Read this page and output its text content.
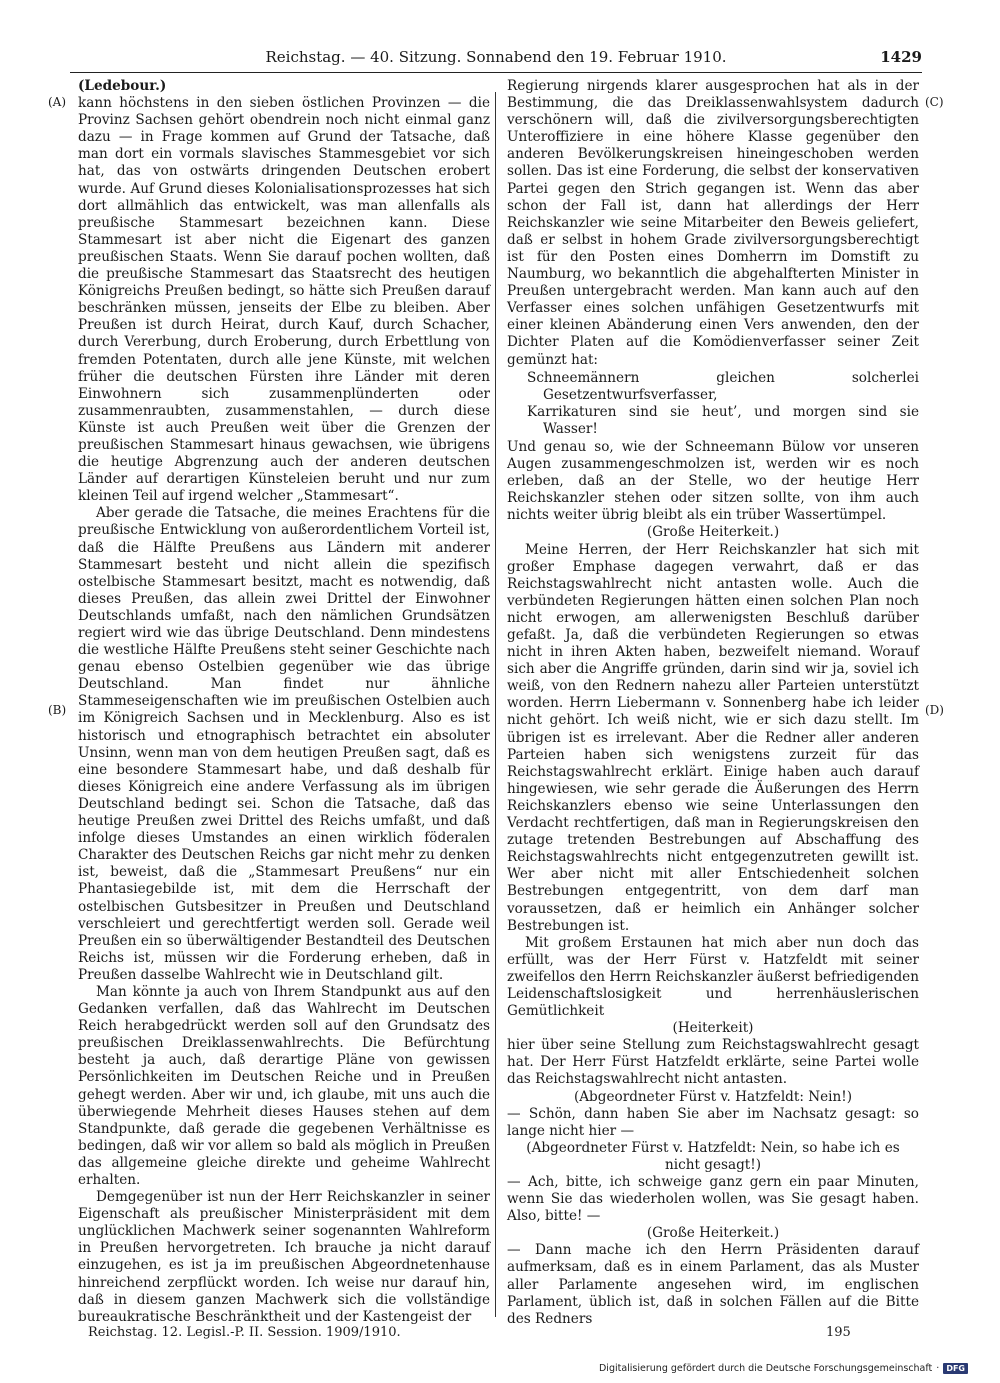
Reichstag. — 40. Sitzung. Sonnabend den 19. Februar 1910.	1429
(A)
(B)
(C)
(D)

(Ledebour.)

kann höchstens in den sieben östlichen Provinzen — die Provinz Sachsen gehört obendrein noch nicht einmal ganz dazu — in Frage kommen auf Grund der Tatsache, daß man dort ein vormals slavisches Stammesgebiet vor sich hat, das von ostwärts dringenden Deutschen erobert wurde. Auf Grund dieses Kolonialisationsprozesses hat sich dort allmählich das entwickelt, was man allenfalls als preußische Stammesart bezeichnen kann. Diese Stammesart ist aber nicht die Eigenart des ganzen preußischen Staats. Wenn Sie darauf pochen wollten, daß die preußische Stammesart das Staatsrecht des heutigen Königreichs Preußen bedingt, so hätte sich Preußen darauf beschränken müssen, jenseits der Elbe zu bleiben. Aber Preußen ist durch Heirat, durch Kauf, durch Schacher, durch Vererbung, durch Eroberung, durch Erbettlung von fremden Potentaten, durch alle jene Künste, mit welchen früher die deutschen Fürsten ihre Länder mit deren Einwohnern sich zusammenplünderten oder zusammenraubten, zusammenstahlen, — durch diese Künste ist auch Preußen weit über die Grenzen der preußischen Stammesart hinaus gewachsen, wie übrigens die heutige Abgrenzung auch der anderen deutschen Länder auf derartigen Künsteleien beruht und nur zum kleinen Teil auf irgend welcher „Stammesart“.

Aber gerade die Tatsache, die meines Erachtens für die preußische Entwicklung von außerordentlichem Vorteil ist, daß die Hälfte Preußens aus Ländern mit anderer Stammesart besteht und nicht allein die spezifisch ostelbische Stammesart besitzt, macht es notwendig, daß dieses Preußen, das allein zwei Drittel der Einwohner Deutschlands umfaßt, nach den nämlichen Grundsätzen regiert wird wie das übrige Deutschland. Denn mindestens die westliche Hälfte Preußens steht seiner Geschichte nach genau ebenso Ostelbien gegenüber wie das übrige Deutschland. Man findet nur ähnliche Stammeseigenschaften wie im preußischen Ostelbien auch im Königreich Sachsen und in Mecklenburg. Also es ist historisch und etnographisch betrachtet ein absoluter Unsinn, wenn man von dem heutigen Preußen sagt, daß es eine besondere Stammesart habe, und daß deshalb für dieses Königreich eine andere Verfassung als im übrigen Deutschland bedingt sei. Schon die Tatsache, daß das heutige Preußen zwei Drittel des Reichs umfaßt, und daß infolge dieses Umstandes an einen wirklich föderalen Charakter des Deutschen Reichs gar nicht mehr zu denken ist, beweist, daß die „Stammesart Preußens“ nur ein Phantasiegebilde ist, mit dem die Herrschaft der ostelbischen Gutsbesitzer in Preußen und Deutschland verschleiert und gerechtfertigt werden soll. Gerade weil Preußen ein so überwältigender Bestandteil des Deutschen Reichs ist, müssen wir die Forderung erheben, daß in Preußen dasselbe Wahlrecht wie in Deutschland gilt.

Man könnte ja auch von Ihrem Standpunkt aus auf den Gedanken verfallen, daß das Wahlrecht im Deutschen Reich herabgedrückt werden soll auf den Grundsatz des preußischen Dreiklassenwahlrechts. Die Befürchtung besteht ja auch, daß derartige Pläne von gewissen Persönlichkeiten im Deutschen Reiche und in Preußen gehegt werden. Aber wir und, ich glaube, mit uns auch die überwiegende Mehrheit dieses Hauses stehen auf dem Standpunkte, daß gerade die gegebenen Verhältnisse es bedingen, daß wir vor allem so bald als möglich in Preußen das allgemeine gleiche direkte und geheime Wahlrecht erhalten.

Demgegenüber ist nun der Herr Reichskanzler in seiner Eigenschaft als preußischer Ministerpräsident mit dem unglücklichen Machwerk seiner sogenannten Wahlreform in Preußen hervorgetreten. Ich brauche ja nicht darauf einzugehen, es ist ja im preußischen Abgeordnetenhause hinreichend zerpflückt worden. Ich weise nur darauf hin, daß in diesem ganzen Machwerk sich die vollständige bureaukratische Beschränktheit und der Kastengeist der

Regierung nirgends klarer ausgesprochen hat als in der Bestimmung, die das Dreiklassenwahlsystem dadurch verschönern will, daß die zivilversorgungsberechtigten Unteroffiziere in eine höhere Klasse gegenüber den anderen Bevölkerungskreisen hineingeschoben werden sollen. Das ist eine Forderung, die selbst der konservativen Partei gegen den Strich gegangen ist. Wenn das aber schon der Fall ist, dann hat allerdings der Herr Reichskanzler wie seine Mitarbeiter den Beweis geliefert, daß er selbst in hohem Grade zivilversorgungsberechtigt ist für den Posten eines Domherrn im Domstift zu Naumburg, wo bekanntlich die abgehalfterten Minister in Preußen untergebracht werden. Man kann auch auf den Verfasser eines solchen unfähigen Gesetzentwurfs mit einer kleinen Abänderung einen Vers anwenden, den der Dichter Platen auf die Komödienverfasser seiner Zeit gemünzt hat:

Schneemännern gleichen solcherlei Gesetzentwurfsverfasser,
Karrikaturen sind sie heut’, und morgen sind sie Wasser!

Und genau so, wie der Schneemann Bülow vor unseren Augen zusammengeschmolzen ist, werden wir es noch erleben, daß an der Stelle, wo der heutige Herr Reichskanzler stehen oder sitzen sollte, von ihm auch nichts weiter übrig bleibt als ein trüber Wassertümpel.

(Große Heiterkeit.)

Meine Herren, der Herr Reichskanzler hat sich mit großer Emphase dagegen verwahrt, daß er das Reichstagswahlrecht nicht antasten wolle. Auch die verbündeten Regierungen hätten einen solchen Plan noch nicht erwogen, am allerwenigsten Beschluß darüber gefaßt. Ja, daß die verbündeten Regierungen so etwas nicht in ihren Akten haben, bezweifelt niemand. Worauf sich aber die Angriffe gründen, darin sind wir ja, soviel ich weiß, von den Rednern nahezu aller Parteien unterstützt worden. Herrn Liebermann v. Sonnenberg habe ich leider nicht gehört. Ich weiß nicht, wie er sich dazu stellt. Im übrigen ist es irrelevant. Aber die Redner aller anderen Parteien haben sich wenigstens zurzeit für das Reichstagswahlrecht erklärt. Einige haben auch darauf hingewiesen, wie sehr gerade die Äußerungen des Herrn Reichskanzlers ebenso wie seine Unterlassungen den Verdacht rechtfertigen, daß man in Regierungskreisen den zutage tretenden Bestrebungen auf Abschaffung des Reichstagswahlrechts nicht entgegenzutreten gewillt ist. Wer aber nicht mit aller Entschiedenheit solchen Bestrebungen entgegentritt, von dem darf man voraussetzen, daß er heimlich ein Anhänger solcher Bestrebungen ist.

Mit großem Erstaunen hat mich aber nun doch das erfüllt, was der Herr Fürst v. Hatzfeldt mit seiner zweifellos den Herrn Reichskanzler äußerst befriedigenden Leidenschaftslosigkeit und herrenhäuslerischen Gemütlichkeit

(Heiterkeit)

hier über seine Stellung zum Reichstagswahlrecht gesagt hat. Der Herr Fürst Hatzfeldt erklärte, seine Partei wolle das Reichstagswahlrecht nicht antasten.

(Abgeordneter Fürst v. Hatzfeldt: Nein!)

— Schön, dann haben Sie aber im Nachsatz gesagt: so lange nicht hier —

(Abgeordneter Fürst v. Hatzfeldt: Nein, so habe ich es nicht gesagt!)

— Ach, bitte, ich schweige ganz gern ein paar Minuten, wenn Sie das wiederholen wollen, was Sie gesagt haben. Also, bitte! —

(Große Heiterkeit.)

— Dann mache ich den Herrn Präsidenten darauf aufmerksam, daß es in einem Parlament, das als Muster aller Parlamente angesehen wird, im englischen Parlament, üblich ist, daß in solchen Fällen auf die Bitte des Redners

Reichstag. 12. Legisl.-P. II. Session. 1909/1910.	195
Digitalisierung gefördert durch die Deutsche Forschungsgemeinschaft · DFG
